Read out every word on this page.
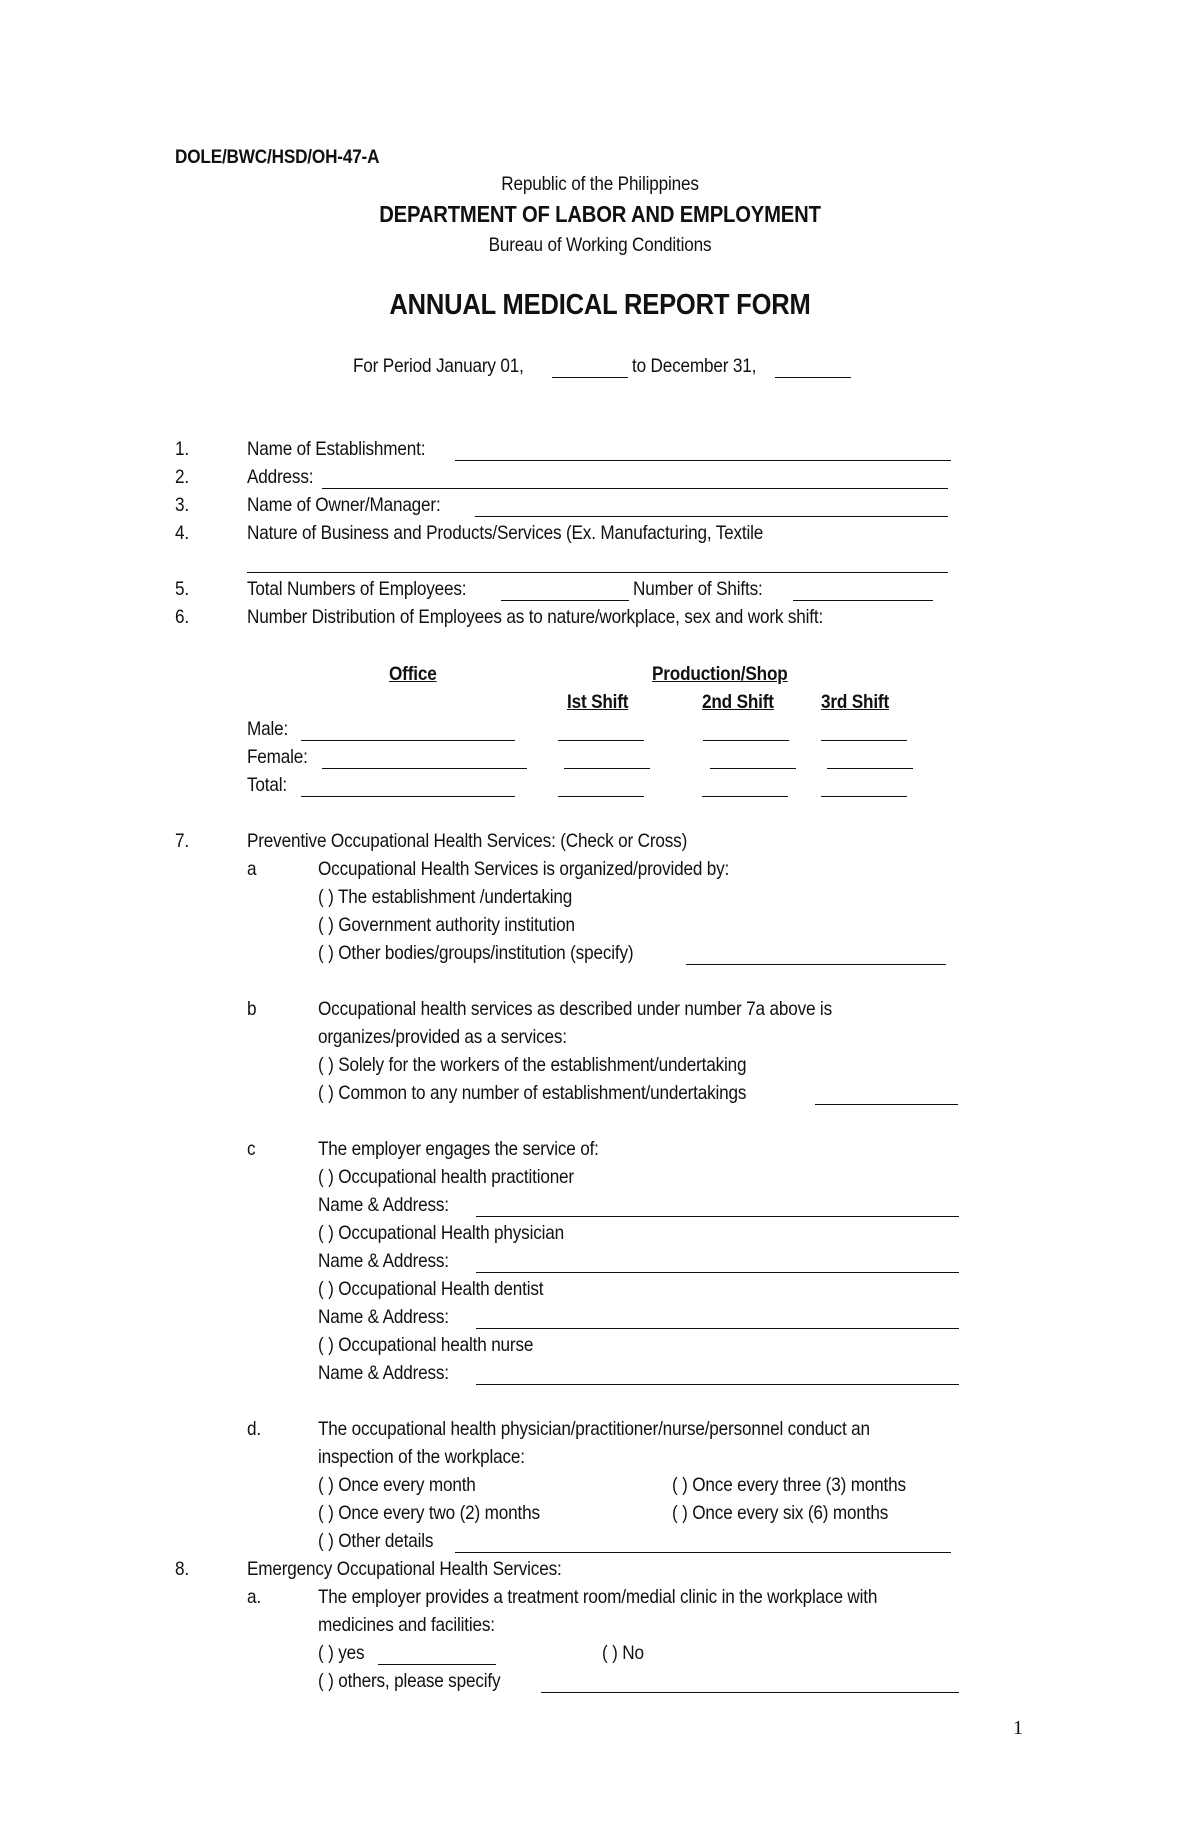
DOLE/BWC/HSD/OH-47-A
Republic of the Philippines
DEPARTMENT OF LABOR AND EMPLOYMENT
Bureau of Working Conditions
ANNUAL MEDICAL REPORT FORM
For Period January 01,	to December 31,
1.	Name of Establishment:
2.	Address:
3.	Name of Owner/Manager:
4.	Nature of Business and Products/Services (Ex. Manufacturing, Textile
5.	Total Numbers of Employees:	Number of Shifts:
6.	Number Distribution of Employees as to nature/workplace, sex and work shift:
Office	Production/Shop
Ist Shift	2nd Shift 3rd Shift
Male:
Female:
Total:
7.	Preventive Occupational Health Services: (Check or Cross)
a	Occupational Health Services is organized/provided by:
( ) The establishment /undertaking
( ) Government authority institution
( ) Other bodies/groups/institution (specify)
b	Occupational health services as described under number 7a above is
organizes/provided as a services:
( ) Solely for the workers of the establishment/undertaking
( ) Common to any number of establishment/undertakings
c	The employer engages the service of:
( ) Occupational health practitioner
Name & Address:
( ) Occupational Health physician
Name & Address:
( ) Occupational Health dentist
Name & Address:
( ) Occupational health nurse
Name & Address:
d.	The occupational health physician/practitioner/nurse/personnel conduct an
inspection of the workplace:
( ) Once every month	( ) Once every three (3) months
( ) Once every two (2) months	( ) Once every six (6) months
( ) Other details
8.	Emergency Occupational Health Services:
a.	The employer provides a treatment room/medial clinic in the workplace with
medicines and facilities:
( ) yes	( ) No
( ) others, please specify
1
